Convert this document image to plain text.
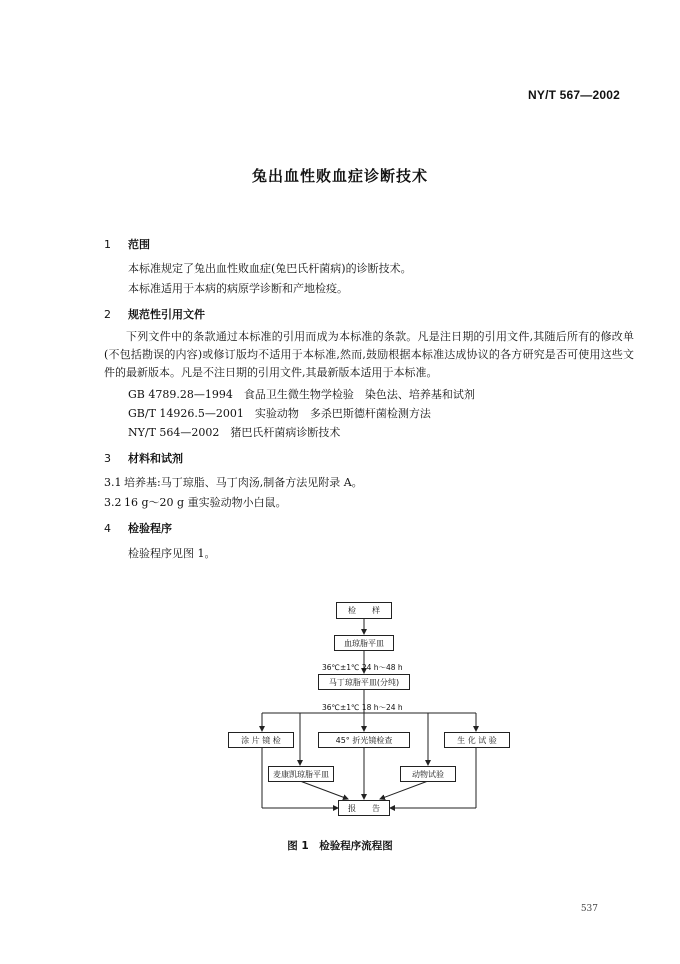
NY/T 567—2002
兔出血性败血症诊断技术
1 范围
本标准规定了兔出血性败血症(兔巴氏杆菌病)的诊断技术。
本标准适用于本病的病原学诊断和产地检疫。
2 规范性引用文件
下列文件中的条款通过本标准的引用而成为本标准的条款。凡是注日期的引用文件,其随后所有的修改单(不包括勘误的内容)或修订版均不适用于本标准,然而,鼓励根据本标准达成协议的各方研究是否可使用这些文件的最新版本。凡是不注日期的引用文件,其最新版本适用于本标准。
GB 4789.28—1994　食品卫生微生物学检验　染色法、培养基和试剂
GB/T 14926.5—2001　实验动物　多杀巴斯德杆菌检测方法
NY/T 564—2002　猪巴氏杆菌病诊断技术
3 材料和试剂
3.1 培养基:马丁琼脂、马丁肉汤,制备方法见附录 A。
3.2 16 g～20 g 重实验动物小白鼠。
4 检验程序
检验程序见图 1。
检　　样
血琼脂平皿
36℃±1℃ 24 h～48 h
马丁琼脂平皿(分纯)
36℃±1℃ 18 h～24 h
涂 片 镜 检	45° 折光镜检查	生 化 试 验
麦康凯琼脂平皿	动物试验
报　　告
图 1　检验程序流程图
537
